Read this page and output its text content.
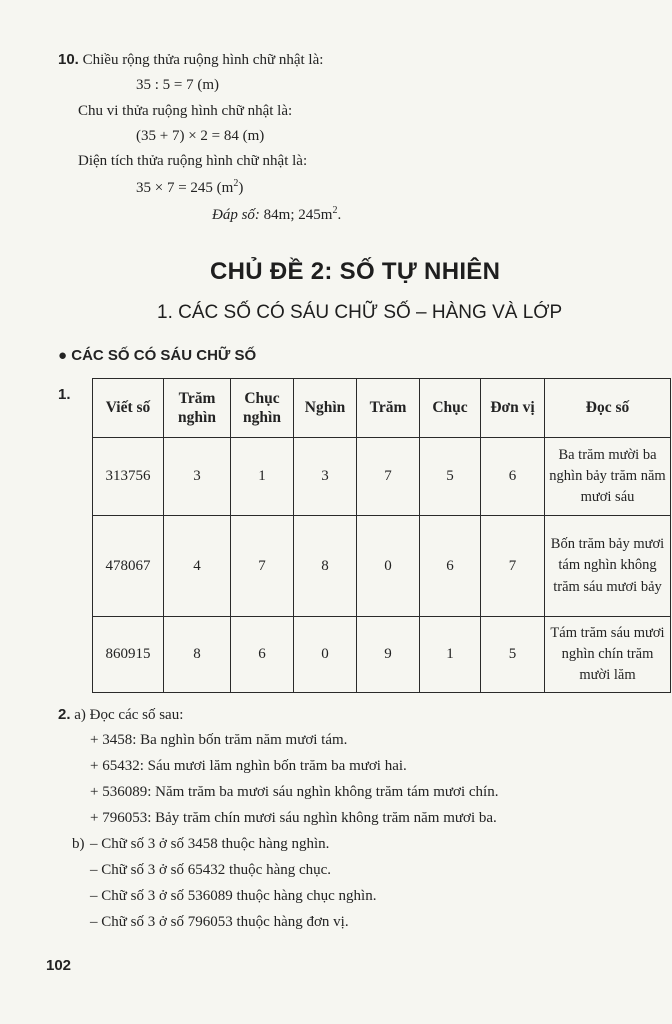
10. Chiều rộng thửa ruộng hình chữ nhật là:
35 : 5 = 7 (m)
Chu vi thửa ruộng hình chữ nhật là:
(35 + 7) × 2 = 84 (m)
Diện tích thửa ruộng hình chữ nhật là:
35 × 7 = 245 $(m^2)$
Đáp số: 84m; $245m^2$.
CHỦ ĐỀ 2: SỐ TỰ NHIÊN
1. CÁC SỐ CÓ SÁU CHỮ SỐ – HÀNG VÀ LỚP
● CÁC SỐ CÓ SÁU CHỮ SỐ
1.
Viết số	Trăm nghìn	Chục nghìn	Nghìn	Trăm	Chục	Đơn vị	Đọc số
313756	3	1	3	7	5	6	Ba trăm mười ba nghìn bảy trăm năm mươi sáu
478067	4	7	8	0	6	7	Bốn trăm bảy mươi tám nghìn không trăm sáu mươi bảy
860915	8	6	0	9	1	5	Tám trăm sáu mươi nghìn chín trăm mười lăm
2. a) Đọc các số sau:
+ 3458: Ba nghìn bốn trăm năm mươi tám.
+ 65432: Sáu mươi lăm nghìn bốn trăm ba mươi hai.
+ 536089: Năm trăm ba mươi sáu nghìn không trăm tám mươi chín.
+ 796053: Bảy trăm chín mươi sáu nghìn không trăm năm mươi ba.
b) – Chữ số 3 ở số 3458 thuộc hàng nghìn.
– Chữ số 3 ở số 65432 thuộc hàng chục.
– Chữ số 3 ở số 536089 thuộc hàng chục nghìn.
– Chữ số 3 ở số 796053 thuộc hàng đơn vị.
102
